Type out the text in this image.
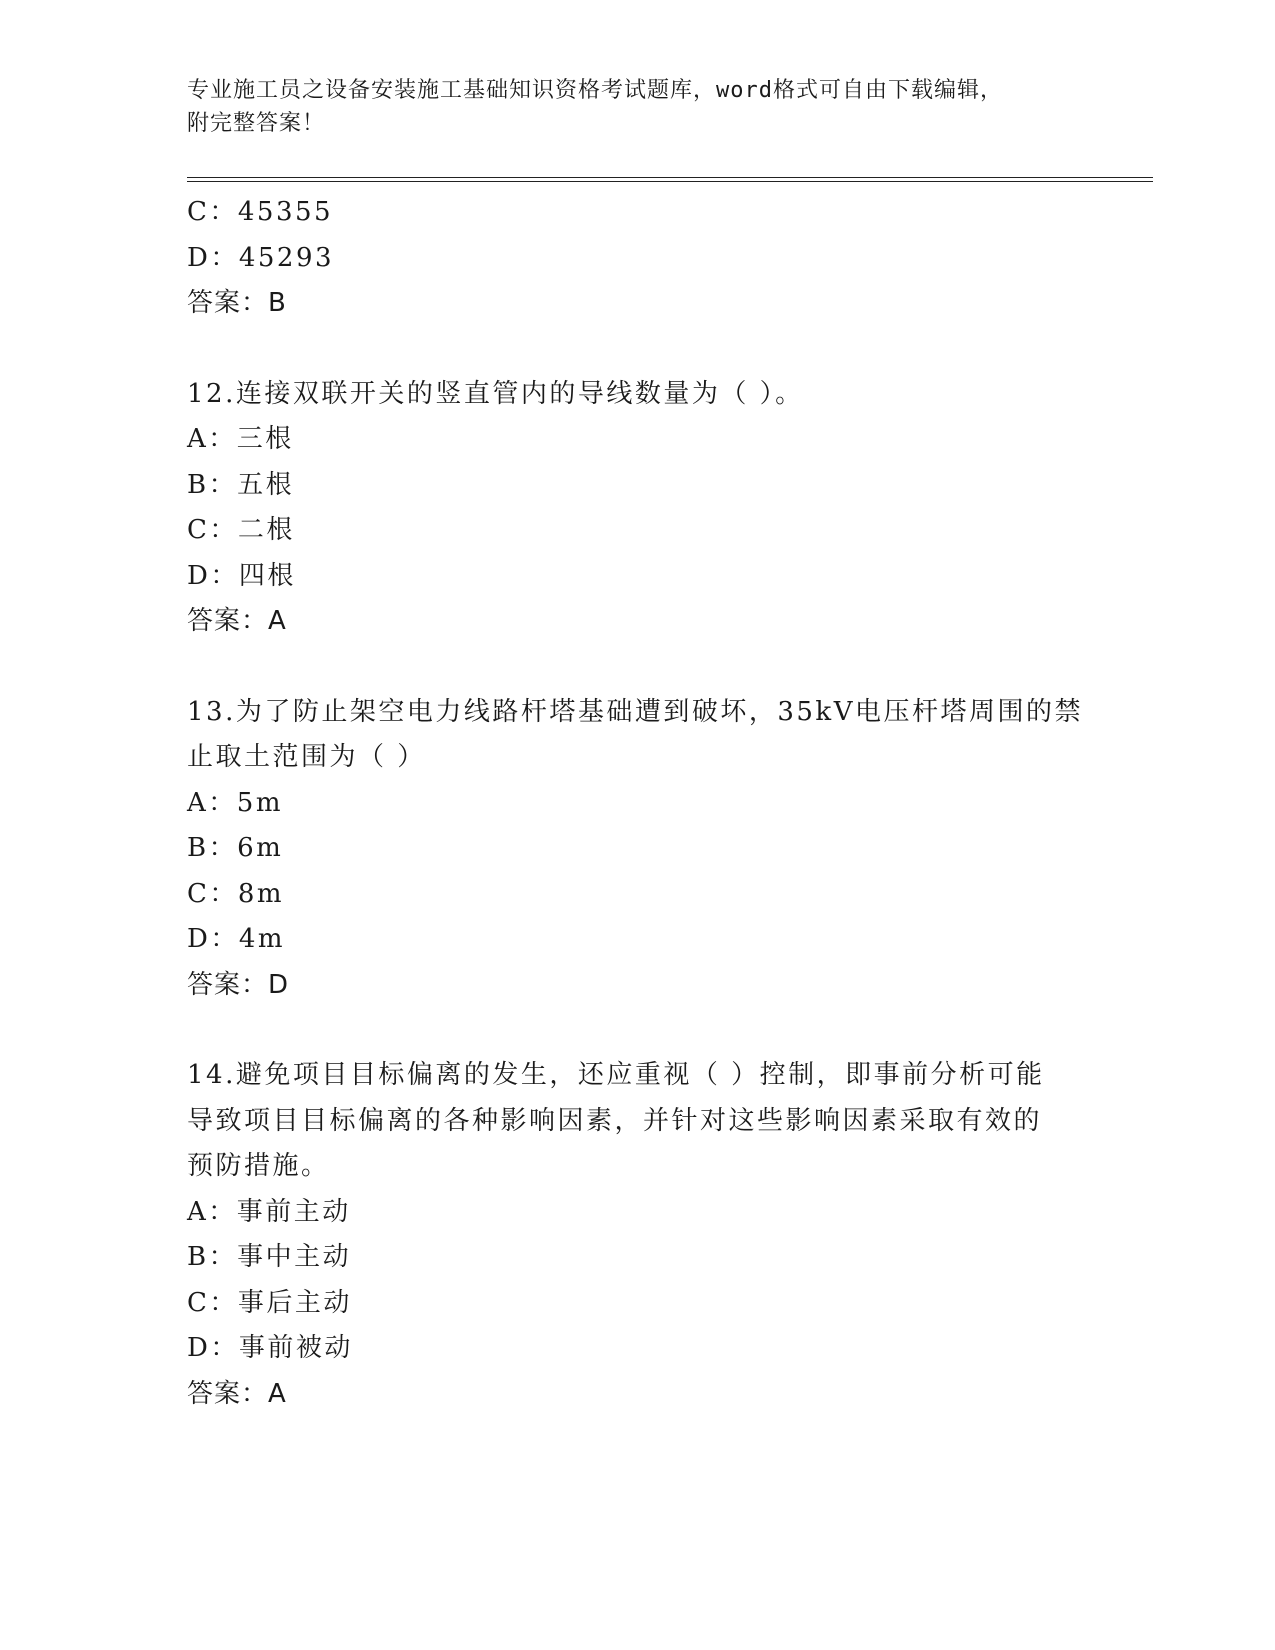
专业施工员之设备安装施工基础知识资格考试题库，word格式可自由下载编辑，
附完整答案！
C：45355
D：45293
答案：B
12.连接双联开关的竖直管内的导线数量为（ ）。
A：三根
B：五根
C：二根
D：四根
答案：A
13.为了防止架空电力线路杆塔基础遭到破坏，35kV电压杆塔周围的禁
止取土范围为（ ）
A：5m
B：6m
C：8m
D：4m
答案：D
14.避免项目目标偏离的发生，还应重视（ ）控制，即事前分析可能
导致项目目标偏离的各种影响因素，并针对这些影响因素采取有效的
预防措施。
A：事前主动
B：事中主动
C：事后主动
D：事前被动
答案：A
